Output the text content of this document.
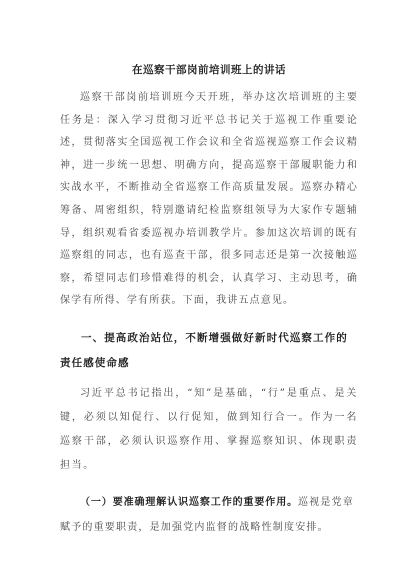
在巡察干部岗前培训班上的讲话

巡察干部岗前培训班今天开班，举办这次培训班的主要任务是：深入学习贯彻习近平总书记关于巡视工作重要论述，贯彻落实全国巡视工作会议和全省巡视巡察工作会议精神，进一步统一思想、明确方向，提高巡察干部履职能力和实战水平，不断推动全省巡察工作高质量发展。巡察办精心筹备、周密组织，特别邀请纪检监察组领导为大家作专题辅导，组织观看省委巡视办培训教学片。参加这次培训的既有巡察组的同志，也有巡查干部，很多同志还是第一次接触巡察，希望同志们珍惜难得的机会，认真学习、主动思考，确保学有所得、学有所获。下面，我讲五点意见。

一、提高政治站位，不断增强做好新时代巡察工作的责任感使命感

习近平总书记指出，“知”是基础，“行”是重点、是关键，必须以知促行、以行促知，做到知行合一。作为一名巡察干部，必须认识巡察作用、掌握巡察知识、体现职责担当。

（一）要准确理解认识巡察工作的重要作用。巡视是党章赋予的重要职责，是加强党内监督的战略性制度安排。
